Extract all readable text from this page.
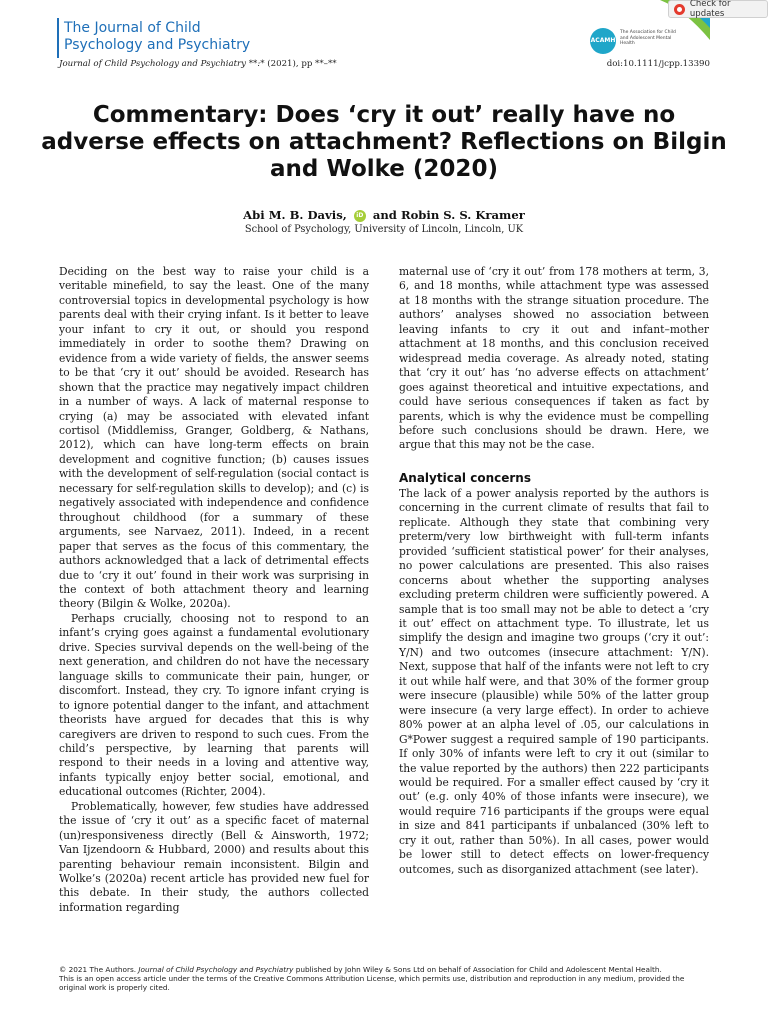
The Journal of Child
Psychology and Psychiatry	ACAMH
The Association for Child and Adolescent Mental Health
Check for updates
Journal of Child Psychology and Psychiatry **:* (2021), pp **–**	doi:10.1111/jcpp.13390
Commentary: Does ‘cry it out’ really have no adverse effects on attachment? Reflections on Bilgin and Wolke (2020)
Abi M. B. Davis, iD and Robin S. S. Kramer
School of Psychology, University of Lincoln, Lincoln, UK

Deciding on the best way to raise your child is a veritable minefield, to say the least. One of the many controversial topics in developmental psychology is how parents deal with their crying infant. Is it better to leave your infant to cry it out, or should you respond immediately in order to soothe them? Drawing on evidence from a wide variety of fields, the answer seems to be that ‘cry it out’ should be avoided. Research has shown that the practice may negatively impact children in a number of ways. A lack of maternal response to crying (a) may be associated with elevated infant cortisol (Middlemiss, Granger, Goldberg, & Nathans, 2012), which can have long-term effects on brain development and cognitive function; (b) causes issues with the development of self-regulation (social contact is necessary for self-regulation skills to develop); and (c) is negatively associated with independence and confidence throughout childhood (for a summary of these arguments, see Narvaez, 2011). Indeed, in a recent paper that serves as the focus of this commentary, the authors acknowledged that a lack of detrimental effects due to ‘cry it out’ found in their work was surprising in the context of both attachment theory and learning theory (Bilgin & Wolke, 2020a).

Perhaps crucially, choosing not to respond to an infant’s crying goes against a fundamental evolutionary drive. Species survival depends on the well-being of the next generation, and children do not have the necessary language skills to communicate their pain, hunger, or discomfort. Instead, they cry. To ignore infant crying is to ignore potential danger to the infant, and attachment theorists have argued for decades that this is why caregivers are driven to respond to such cues. From the child’s perspective, by learning that parents will respond to their needs in a loving and attentive way, infants typically enjoy better social, emotional, and educational outcomes (Richter, 2004).

Problematically, however, few studies have addressed the issue of ‘cry it out’ as a specific facet of maternal (un)responsiveness directly (Bell & Ainsworth, 1972; Van Ijzendoorn & Hubbard, 2000) and results about this parenting behaviour remain inconsistent. Bilgin and Wolke’s (2020a) recent article has provided new fuel for this debate. In their study, the authors collected information regarding

maternal use of ‘cry it out’ from 178 mothers at term, 3, 6, and 18 months, while attachment type was assessed at 18 months with the strange situation procedure. The authors’ analyses showed no association between leaving infants to cry it out and infant–mother attachment at 18 months, and this conclusion received widespread media coverage. As already noted, stating that ‘cry it out’ has ‘no adverse effects on attachment’ goes against theoretical and intuitive expectations, and could have serious consequences if taken as fact by parents, which is why the evidence must be compelling before such conclusions should be drawn. Here, we argue that this may not be the case.

Analytical concerns

The lack of a power analysis reported by the authors is concerning in the current climate of results that fail to replicate. Although they state that combining very preterm/very low birthweight with full-term infants provided ‘sufficient statistical power’ for their analyses, no power calculations are presented. This also raises concerns about whether the supporting analyses excluding preterm children were sufficiently powered. A sample that is too small may not be able to detect a ‘cry it out’ effect on attachment type. To illustrate, let us simplify the design and imagine two groups (‘cry it out’: Y/N) and two outcomes (insecure attachment: Y/N). Next, suppose that half of the infants were not left to cry it out while half were, and that 30% of the former group were insecure (plausible) while 50% of the latter group were insecure (a very large effect). In order to achieve 80% power at an alpha level of .05, our calculations in G*Power suggest a required sample of 190 participants. If only 30% of infants were left to cry it out (similar to the value reported by the authors) then 222 participants would be required. For a smaller effect caused by ‘cry it out’ (e.g. only 40% of those infants were insecure), we would require 716 participants if the groups were equal in size and 841 participants if unbalanced (30% left to cry it out, rather than 50%). In all cases, power would be lower still to detect effects on lower-frequency outcomes, such as disorganized attachment (see later).

© 2021 The Authors. Journal of Child Psychology and Psychiatry published by John Wiley & Sons Ltd on behalf of Association for Child and Adolescent Mental Health.
This is an open access article under the terms of the Creative Commons Attribution License, which permits use, distribution and reproduction in any medium, provided the original work is properly cited.
